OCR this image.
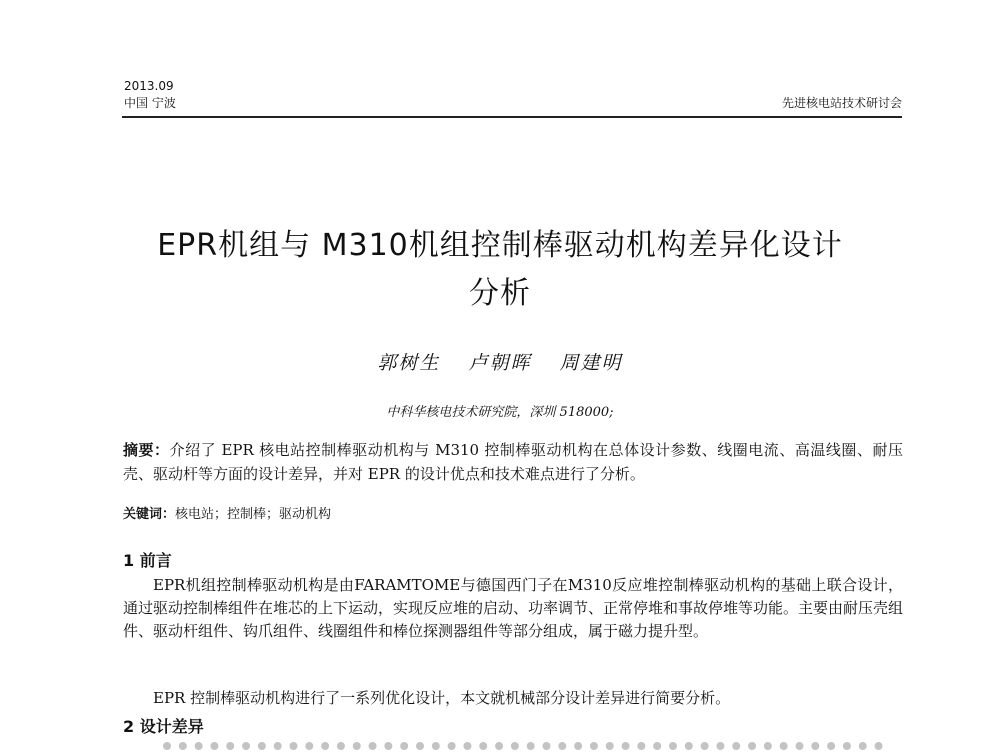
2013.09
中国 宁波	先进核电站技术研讨会
EPR机组与 M310机组控制棒驱动机构差异化设计
分析
郭树生 卢朝晖 周建明
中科华核电技术研究院，深圳 518000;
摘要：介绍了 EPR 核电站控制棒驱动机构与 M310 控制棒驱动机构在总体设计参数、线圈电流、高温线圈、耐压壳、驱动杆等方面的设计差异，并对 EPR 的设计优点和技术难点进行了分析。
关键词：核电站；控制棒；驱动机构
1 前言
EPR机组控制棒驱动机构是由FARAMTOME与德国西门子在M310反应堆控制棒驱动机构的基础上联合设计，通过驱动控制棒组件在堆芯的上下运动，实现反应堆的启动、功率调节、正常停堆和事故停堆等功能。主要由耐压壳组件、驱动杆组件、钩爪组件、线圈组件和棒位探测器组件等部分组成，属于磁力提升型。
EPR 控制棒驱动机构进行了一系列优化设计，本文就机械部分设计差异进行简要分析。
2 设计差异
